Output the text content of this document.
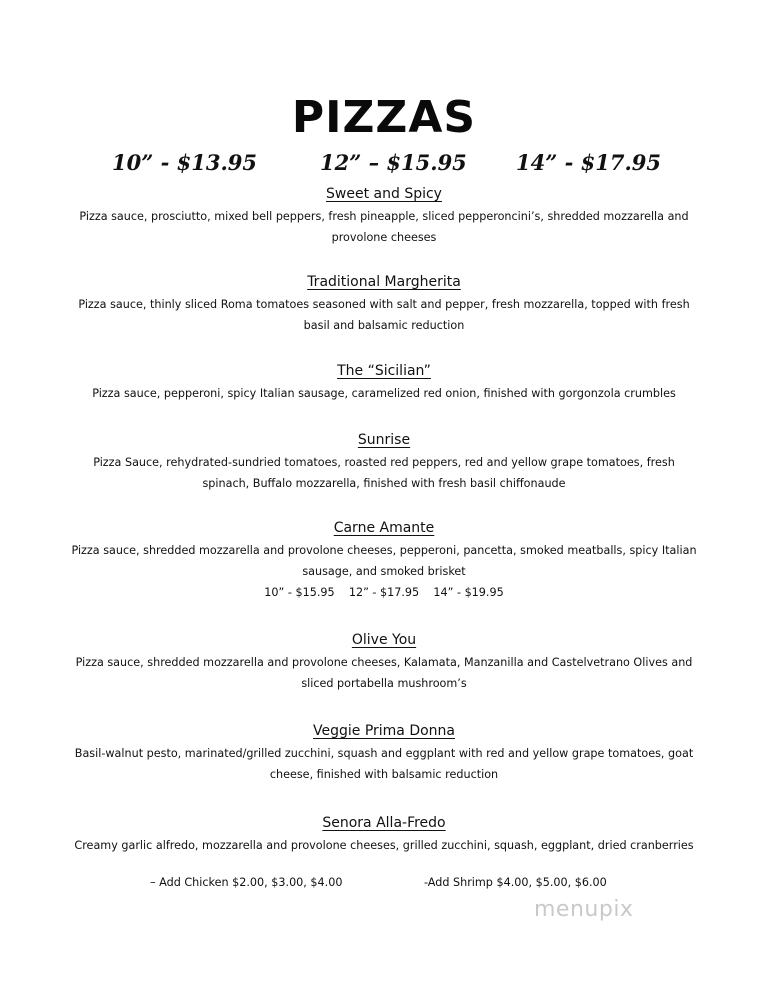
PIZZAS
10” - $13.95	12” – $15.95 14” - $17.95
Sweet and Spicy
Pizza sauce, prosciutto, mixed bell peppers, fresh pineapple, sliced pepperoncini’s, shredded mozzarella and provolone cheeses
Traditional Margherita
Pizza sauce, thinly sliced Roma tomatoes seasoned with salt and pepper, fresh mozzarella, topped with fresh basil and balsamic reduction
The “Sicilian”
Pizza sauce, pepperoni, spicy Italian sausage, caramelized red onion, finished with gorgonzola crumbles
Sunrise
Pizza Sauce, rehydrated-sundried tomatoes, roasted red peppers, red and yellow grape tomatoes, fresh spinach, Buffalo mozzarella, finished with fresh basil chiffonaude
Carne Amante
Pizza sauce, shredded mozzarella and provolone cheeses, pepperoni, pancetta, smoked meatballs, spicy Italian sausage, and smoked brisket
10” - $15.95    12” - $17.95    14” - $19.95
Olive You
Pizza sauce, shredded mozzarella and provolone cheeses, Kalamata, Manzanilla and Castelvetrano Olives and sliced portabella mushroom’s
Veggie Prima Donna
Basil-walnut pesto, marinated/grilled zucchini, squash and eggplant with red and yellow grape tomatoes, goat cheese, finished with balsamic reduction
Senora Alla-Fredo
Creamy garlic alfredo, mozzarella and provolone cheeses, grilled zucchini, squash, eggplant, dried cranberries
– Add Chicken $2.00, $3.00, $4.00	-Add Shrimp $4.00, $5.00, $6.00
menupix
